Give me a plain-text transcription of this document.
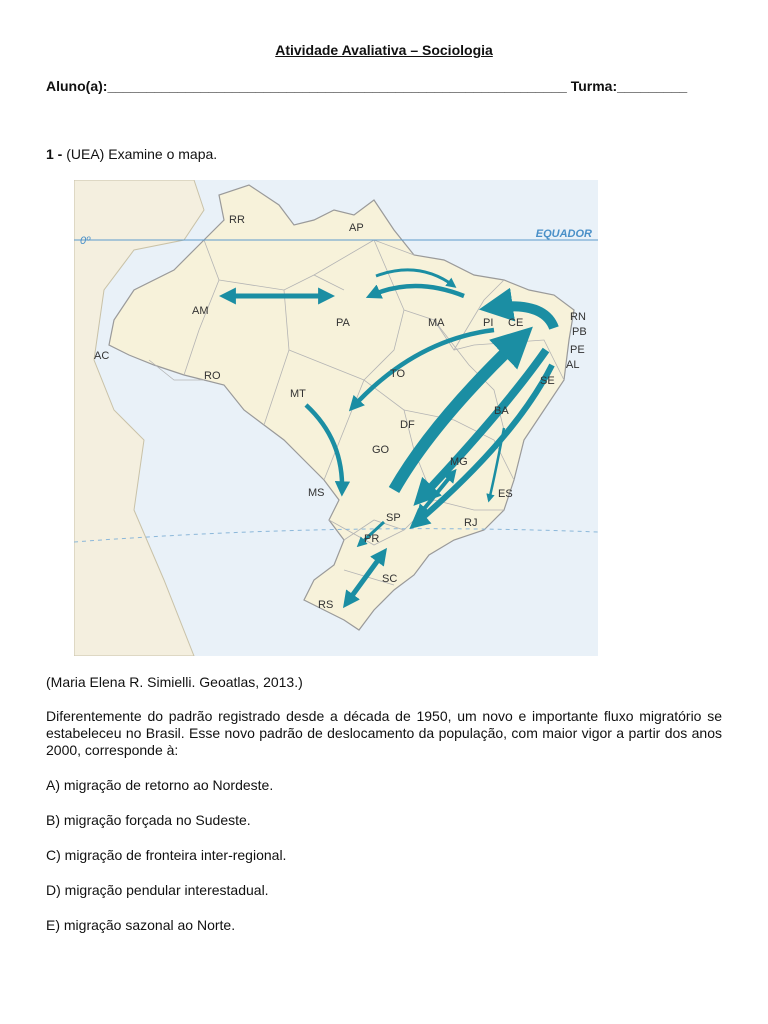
Atividade Avaliativa – Sociologia
Aluno(a):___________________________________________________________ Turma:_________
1 - (UEA) Examine o mapa.
EQUADOR
0º
RR
AP
AM
PA	MA	PI CE	RN
PB
PE
AL
SE
AC
RO	TO
MT
BA
DF
GO
MG
ES
MS
SP	RJ
PR
SC
RS
(Maria Elena R. Simielli. Geoatlas, 2013.)
Diferentemente do padrão registrado desde a década de 1950, um novo e importante fluxo migratório se estabeleceu no Brasil. Esse novo padrão de deslocamento da população, com maior vigor a partir dos anos 2000, corresponde à:
A) migração de retorno ao Nordeste.
B) migração forçada no Sudeste.
C) migração de fronteira inter-regional.
D) migração pendular interestadual.
E) migração sazonal ao Norte.
